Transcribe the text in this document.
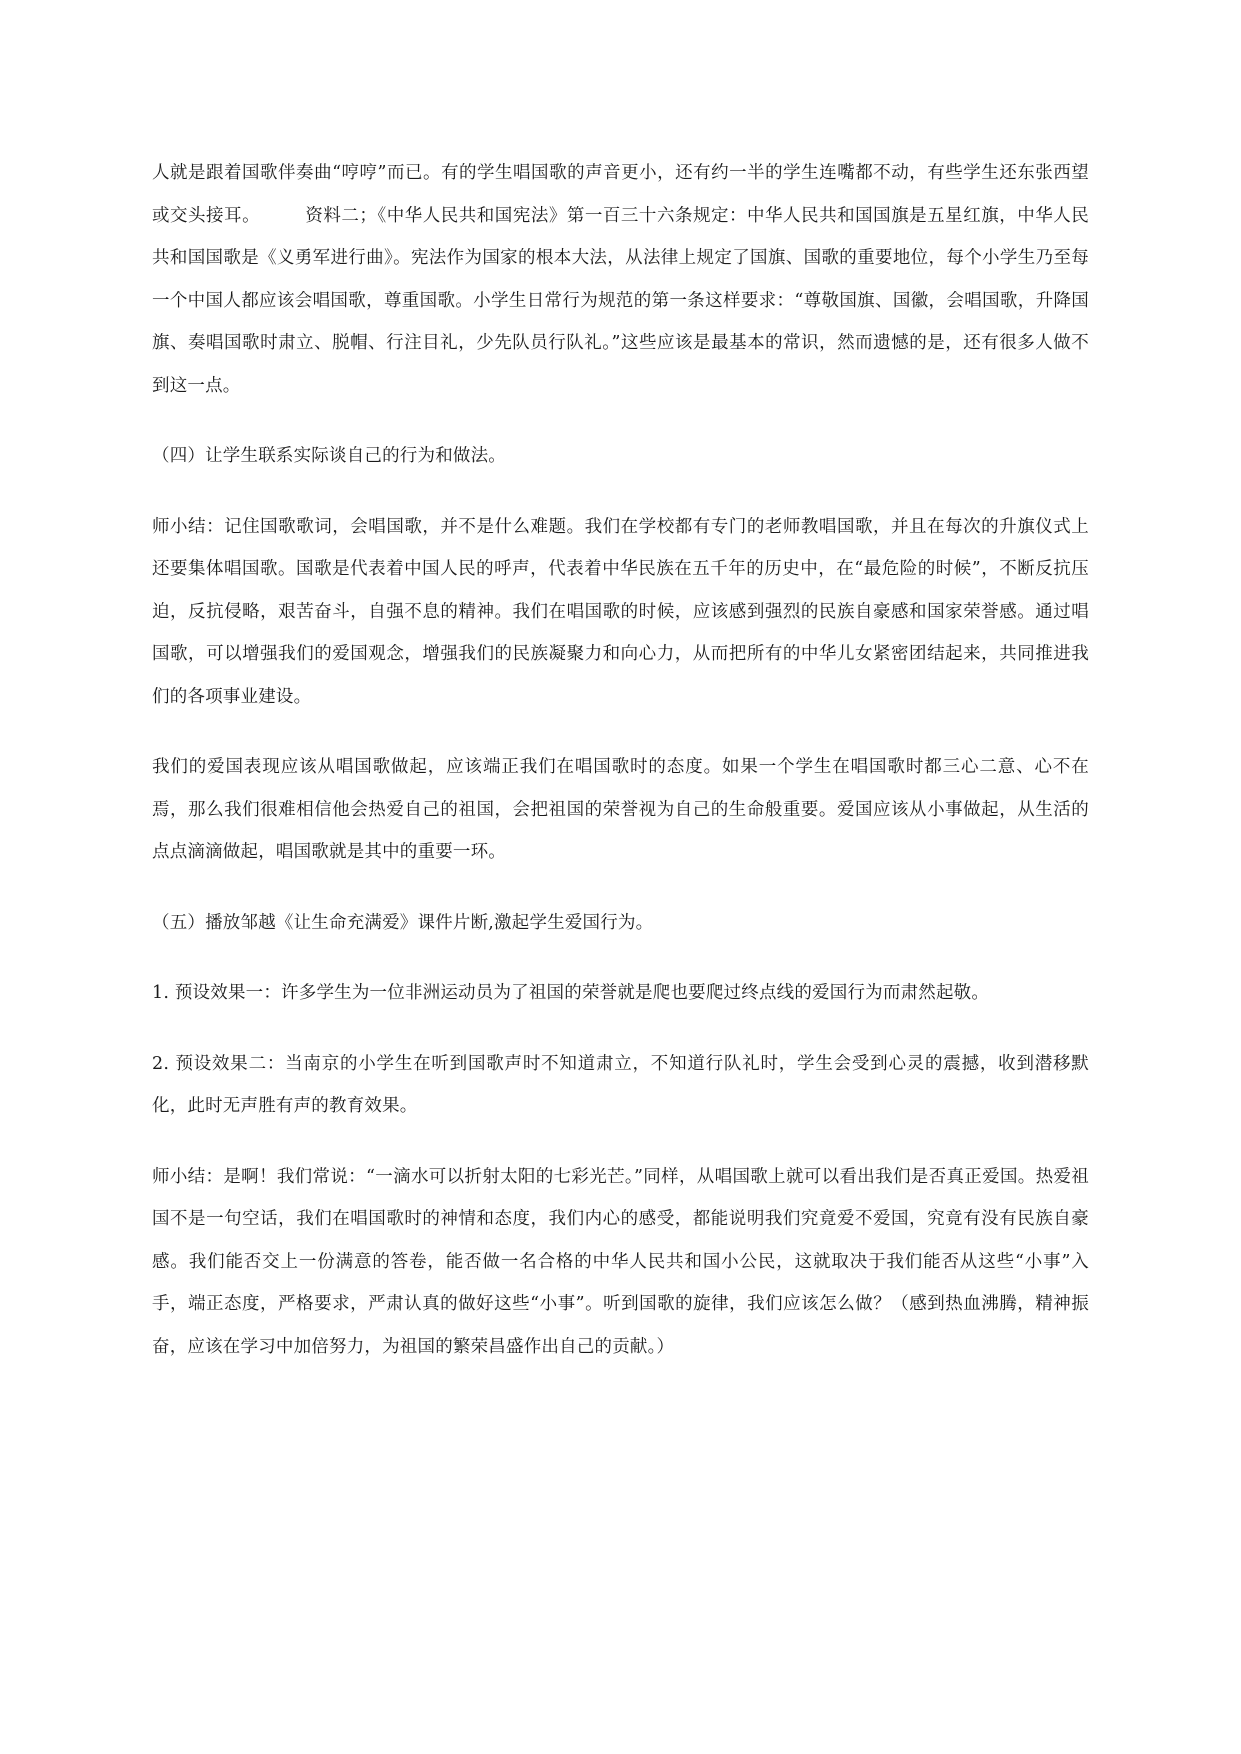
人就是跟着国歌伴奏曲“哼哼”而已。有的学生唱国歌的声音更小，还有约一半的学生连嘴都不动，有些学生还东张西望或交头接耳。　　　资料二；《中华人民共和国宪法》第一百三十六条规定：中华人民共和国国旗是五星红旗，中华人民共和国国歌是《义勇军进行曲》。宪法作为国家的根本大法，从法律上规定了国旗、国歌的重要地位，每个小学生乃至每一个中国人都应该会唱国歌，尊重国歌。小学生日常行为规范的第一条这样要求：“尊敬国旗、国徽，会唱国歌，升降国旗、奏唱国歌时肃立、脱帽、行注目礼，少先队员行队礼。”这些应该是最基本的常识，然而遗憾的是，还有很多人做不到这一点。

（四）让学生联系实际谈自己的行为和做法。

师小结：记住国歌歌词，会唱国歌，并不是什么难题。我们在学校都有专门的老师教唱国歌，并且在每次的升旗仪式上还要集体唱国歌。国歌是代表着中国人民的呼声，代表着中华民族在五千年的历史中，在“最危险的时候”，不断反抗压迫，反抗侵略，艰苦奋斗，自强不息的精神。我们在唱国歌的时候，应该感到强烈的民族自豪感和国家荣誉感。通过唱国歌，可以增强我们的爱国观念，增强我们的民族凝聚力和向心力，从而把所有的中华儿女紧密团结起来，共同推进我们的各项事业建设。

我们的爱国表现应该从唱国歌做起，应该端正我们在唱国歌时的态度。如果一个学生在唱国歌时都三心二意、心不在焉，那么我们很难相信他会热爱自己的祖国，会把祖国的荣誉视为自己的生命般重要。爱国应该从小事做起，从生活的点点滴滴做起，唱国歌就是其中的重要一环。

（五）播放邹越《让生命充满爱》课件片断,激起学生爱国行为。

1. 预设效果一：许多学生为一位非洲运动员为了祖国的荣誉就是爬也要爬过终点线的爱国行为而肃然起敬。

2. 预设效果二：当南京的小学生在听到国歌声时不知道肃立，不知道行队礼时，学生会受到心灵的震撼，收到潜移默化，此时无声胜有声的教育效果。

师小结：是啊！我们常说：“一滴水可以折射太阳的七彩光芒。”同样，从唱国歌上就可以看出我们是否真正爱国。热爱祖国不是一句空话，我们在唱国歌时的神情和态度，我们内心的感受，都能说明我们究竟爱不爱国，究竟有没有民族自豪感。我们能否交上一份满意的答卷，能否做一名合格的中华人民共和国小公民，这就取决于我们能否从这些“小事”入手，端正态度，严格要求，严肃认真的做好这些“小事”。听到国歌的旋律，我们应该怎么做？（感到热血沸腾，精神振奋，应该在学习中加倍努力，为祖国的繁荣昌盛作出自己的贡献。）
